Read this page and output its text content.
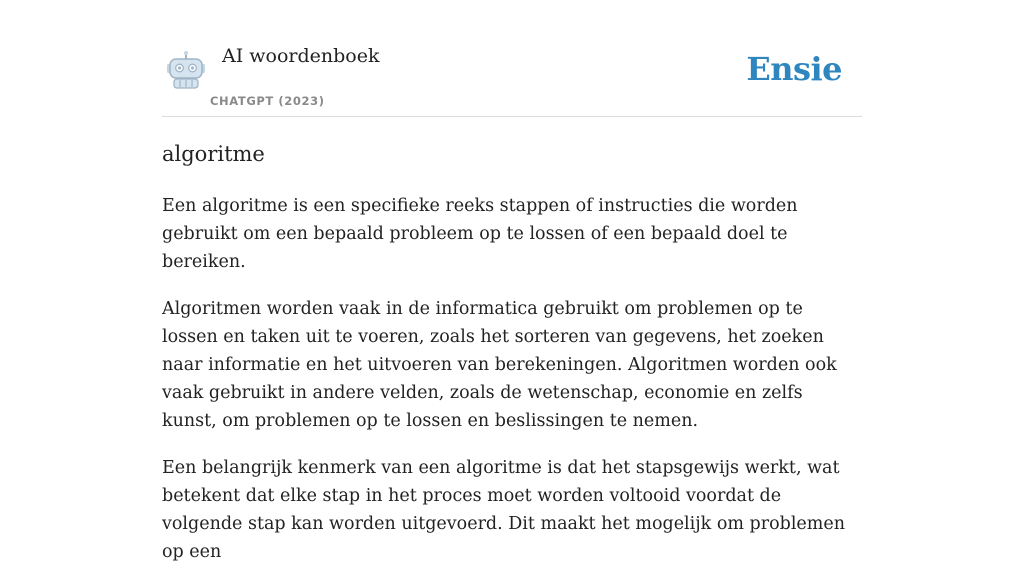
AI woordenboek
CHATGPT (2023)
Ensie
algoritme

Een algoritme is een specifieke reeks stappen of instructies die worden gebruikt om een bepaald probleem op te lossen of een bepaald doel te bereiken.

Algoritmen worden vaak in de informatica gebruikt om problemen op te lossen en taken uit te voeren, zoals het sorteren van gegevens, het zoeken naar informatie en het uitvoeren van berekeningen. Algoritmen worden ook vaak gebruikt in andere velden, zoals de wetenschap, economie en zelfs kunst, om problemen op te lossen en beslissingen te nemen.

Een belangrijk kenmerk van een algoritme is dat het stapsgewijs werkt, wat betekent dat elke stap in het proces moet worden voltooid voordat de volgende stap kan worden uitgevoerd. Dit maakt het mogelijk om problemen op een
